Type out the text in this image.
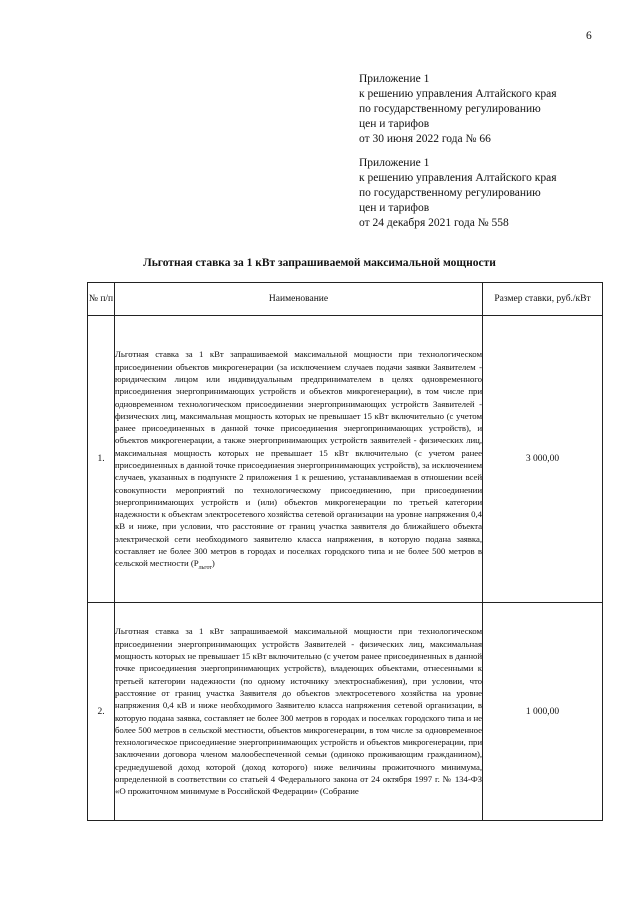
6
Приложение 1
к решению управления Алтайского края
по государственному регулированию
цен и тарифов
от 30 июня 2022 года № 66
Приложение 1
к решению управления Алтайского края
по государственному регулированию
цен и тарифов
от 24 декабря 2021 года № 558
Льготная ставка за 1 кВт запрашиваемой максимальной мощности
№ п/п	Наименование	Размер ставки, руб./кВт
1.	Льготная ставка за 1 кВт запрашиваемой максимальной мощности при технологическом присоединении объектов микрогенерации (за исключением случаев подачи заявки Заявителем - юридическим лицом или индивидуальным предпринимателем в целях одновременного присоединения энергопринимающих устройств и объектов микрогенерации), в том числе при одновременном технологическом присоединении энергопринимающих устройств Заявителей - физических лиц, максимальная мощность которых не превышает 15 кВт включительно (с учетом ранее присоединенных в данной точке присоединения энергопринимающих устройств), и объектов микрогенерации, а также энергопринимающих устройств заявителей - физических лиц, максимальная мощность которых не превышает 15 кВт включительно (с учетом ранее присоединенных в данной точке присоединения энергопринимающих устройств), за исключением случаев, указанных в подпункте 2 приложения 1 к решению, устанавливаемая в отношении всей совокупности мероприятий по технологическому присоединению, при присоединении энергопринимающих устройств и (или) объектов микрогенерации по третьей категории надежности к объектам электросетевого хозяйства сетевой организации на уровне напряжения 0,4 кВ и ниже, при условии, что расстояние от границ участка заявителя до ближайшего объекта электрической сети необходимого заявителю класса напряжения, в которую подана заявка, составляет не более 300 метров в городах и поселках городского типа и не более 500 метров в сельской местности $(P_{льгот})$	3 000,00
2.	Льготная ставка за 1 кВт запрашиваемой максимальной мощности при технологическом присоединении энергопринимающих устройств Заявителей - физических лиц, максимальная мощность которых не превышает 15 кВт включительно (с учетом ранее присоединенных в данной точке присоединения энергопринимающих устройств), владеющих объектами, отнесенными к третьей категории надежности (по одному источнику электроснабжения), при условии, что расстояние от границ участка Заявителя до объектов электросетевого хозяйства на уровне напряжения 0,4 кВ и ниже необходимого Заявителю класса напряжения сетевой организации, в которую подана заявка, составляет не более 300 метров в городах и поселках городского типа и не более 500 метров в сельской местности, объектов микрогенерации, в том числе за одновременное технологическое присоединение энергопринимающих устройств и объектов микрогенерации, при заключении договора членом малообеспеченной семьи (одиноко проживающим гражданином), среднедушевой доход которой (доход которого) ниже величины прожиточного минимума, определенной в соответствии со статьей 4 Федерального закона от 24 октября 1997 г. № 134-ФЗ «О прожиточном минимуме в Российской Федерации» (Собрание	1 000,00
